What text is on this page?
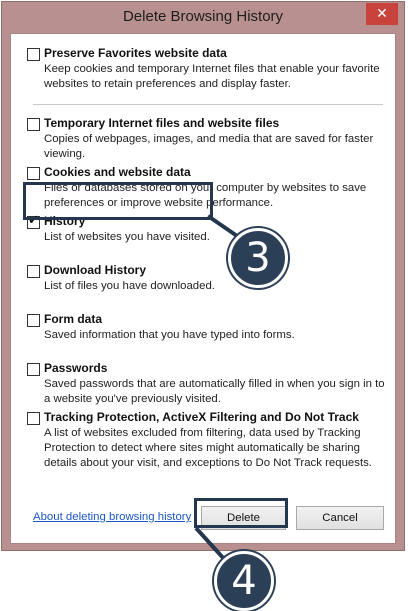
Delete Browsing History	✕
Preserve Favorites website data
Keep cookies and temporary Internet files that enable your favorite websites to retain preferences and display faster.
Temporary Internet files and website files
Copies of webpages, images, and media that are saved for faster viewing.
Cookies and website data
Files or databases stored on your computer by websites to save preferences or improve website performance.
✔ History
List of websites you have visited.
Download History
List of files you have downloaded.
Form data
Saved information that you have typed into forms.
Passwords
Saved passwords that are automatically filled in when you sign in to a website you've previously visited.
Tracking Protection, ActiveX Filtering and Do Not Track
A list of websites excluded from filtering, data used by Tracking Protection to detect where sites might automatically be sharing details about your visit, and exceptions to Do Not Track requests.
About deleting browsing history	Delete	Cancel
3
4
